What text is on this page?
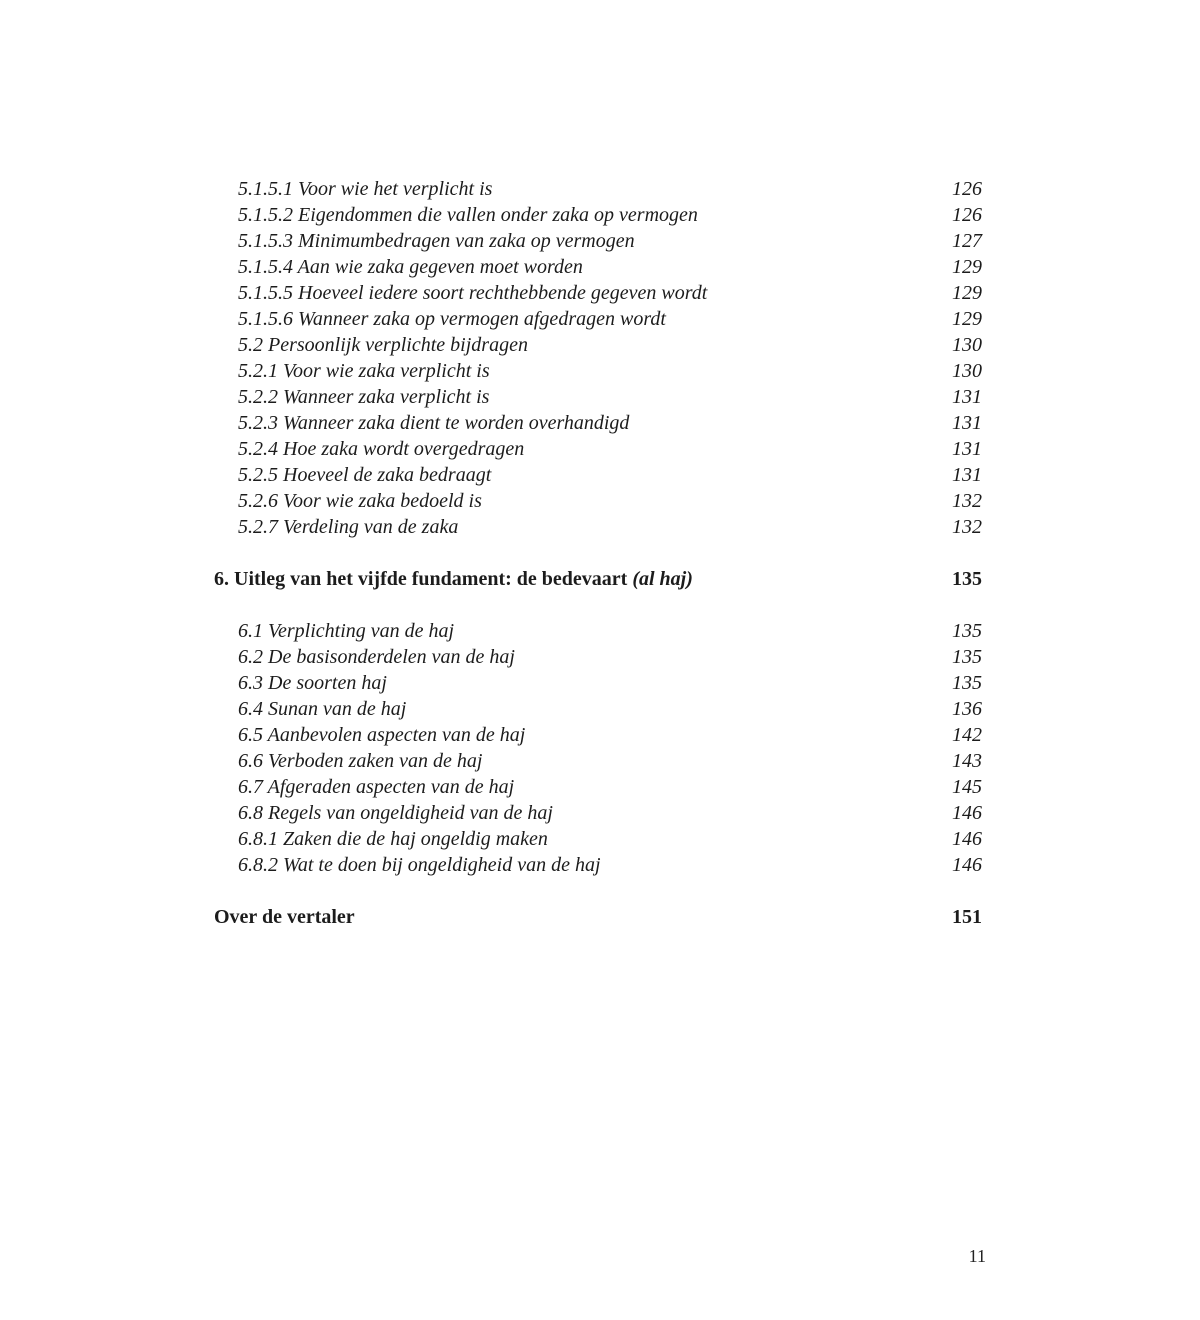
5.1.5.1 Voor wie het verplicht is	126
5.1.5.2 Eigendommen die vallen onder zaka op vermogen	126
5.1.5.3 Minimumbedragen van zaka op vermogen	127
5.1.5.4 Aan wie zaka gegeven moet worden	129
5.1.5.5 Hoeveel iedere soort rechthebbende gegeven wordt	129
5.1.5.6 Wanneer zaka op vermogen afgedragen wordt	129
5.2 Persoonlijk verplichte bijdragen	130
5.2.1 Voor wie zaka verplicht is	130
5.2.2 Wanneer zaka verplicht is	131
5.2.3 Wanneer zaka dient te worden overhandigd	131
5.2.4 Hoe zaka wordt overgedragen	131
5.2.5 Hoeveel de zaka bedraagt	131
5.2.6 Voor wie zaka bedoeld is	132
5.2.7 Verdeling van de zaka	132
6. Uitleg van het vijfde fundament: de bedevaart (al haj)	135
6.1 Verplichting van de haj	135
6.2 De basisonderdelen van de haj	135
6.3 De soorten haj	135
6.4 Sunan van de haj	136
6.5 Aanbevolen aspecten van de haj	142
6.6 Verboden zaken van de haj	143
6.7 Afgeraden aspecten van de haj	145
6.8 Regels van ongeldigheid van de haj	146
6.8.1 Zaken die de haj ongeldig maken	146
6.8.2 Wat te doen bij ongeldigheid van de haj	146
Over de vertaler	151
11
